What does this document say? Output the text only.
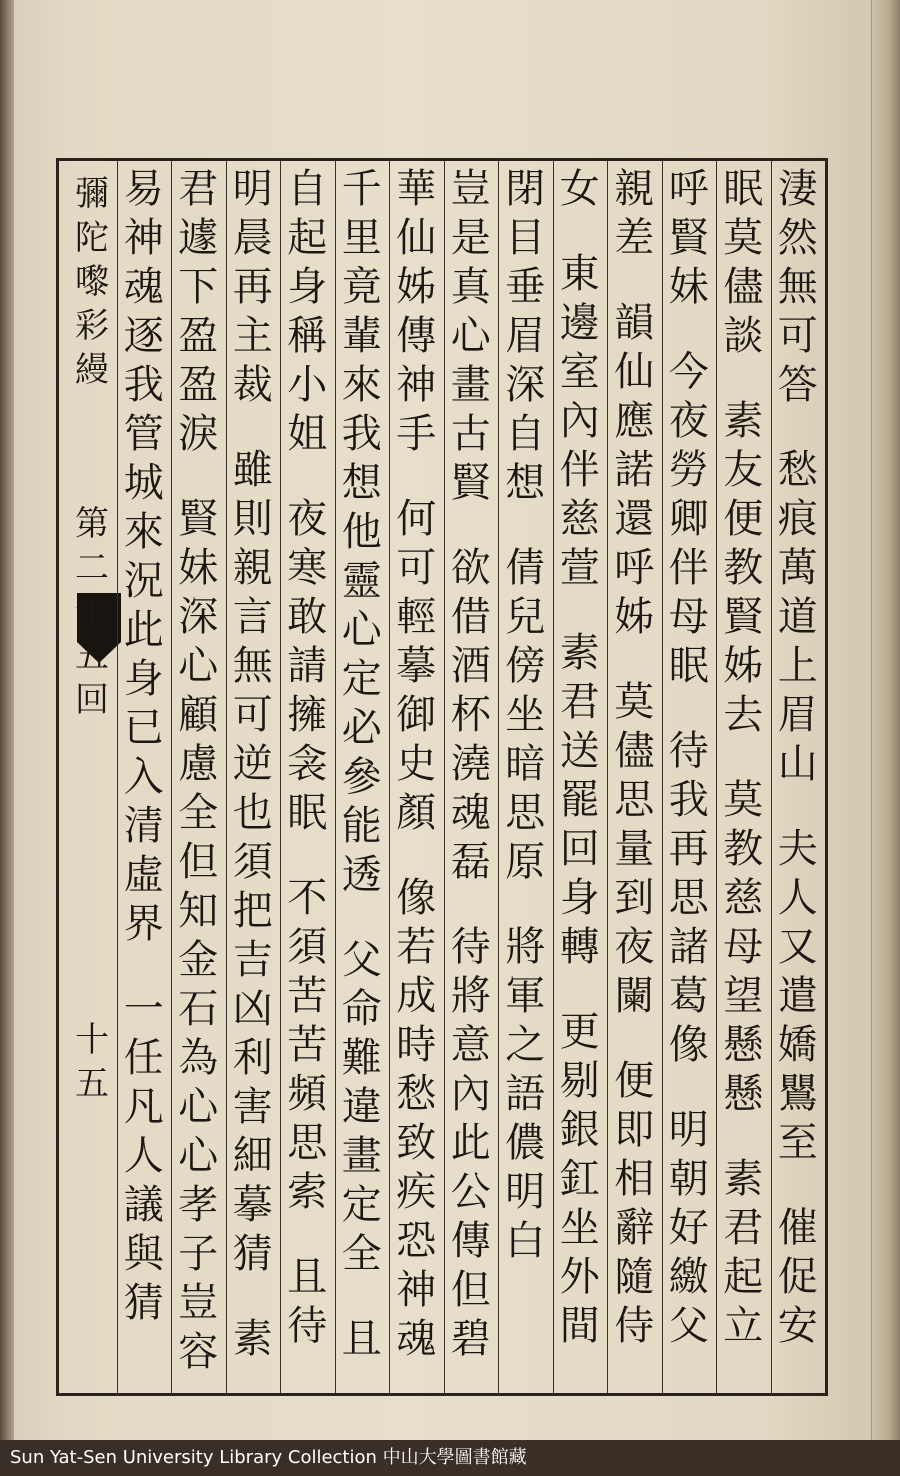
彌
陀
嚟
彩
縵
第
二
十
五
回
十
五
淒
然
無
可
答
愁
痕
萬
道
上
眉
山
夫
人
又
遣
嬌
鸎
至
催
促
安
眠
莫
儘
談
素
友
便
教
賢
姊
去
莫
教
慈
母
望
懸
懸
素
君
起
立
呼
賢
妹
今
夜
勞
卿
伴
母
眠
待
我
再
思
諸
葛
像
明
朝
好
繳
父
親
差
韻
仙
應
諾
還
呼
姊
莫
儘
思
量
到
夜
闌
便
即
相
辭
隨
侍
女
東
邊
室
內
伴
慈
萱
素
君
送
罷
回
身
轉
更
剔
銀
釭
坐
外
間
閉
目
垂
眉
深
自
想
倩
兒
傍
坐
暗
思
原
將
軍
之
語
儂
明
白
豈
是
真
心
畫
古
賢
欲
借
酒
杯
澆
魂
磊
待
將
意
內
此
公
傳
但
碧
華
仙
姊
傳
神
手
何
可
輕
摹
御
史
顏
像
若
成
時
愁
致
疾
恐
神
魂
千
里
竟
輩
來
我
想
他
靈
心
定
必
參
能
透
父
命
難
違
畫
定
全
且
自
起
身
稱
小
姐
夜
寒
敢
請
擁
衾
眠
不
須
苦
苦
頻
思
索
且
待
明
晨
再
主
裁
雖
則
親
言
無
可
逆
也
須
把
吉
凶
利
害
細
摹
猜
素
君
遽
下
盈
盈
淚
賢
妹
深
心
顧
慮
全
但
知
金
石
為
心
心
孝
子
豈
容
易
神
魂
逐
我
管
城
來
況
此
身
已
入
清
虛
界
一
任
凡
人
議
與
猜
Sun Yat-Sen University Library Collection 中山大學圖書館藏
